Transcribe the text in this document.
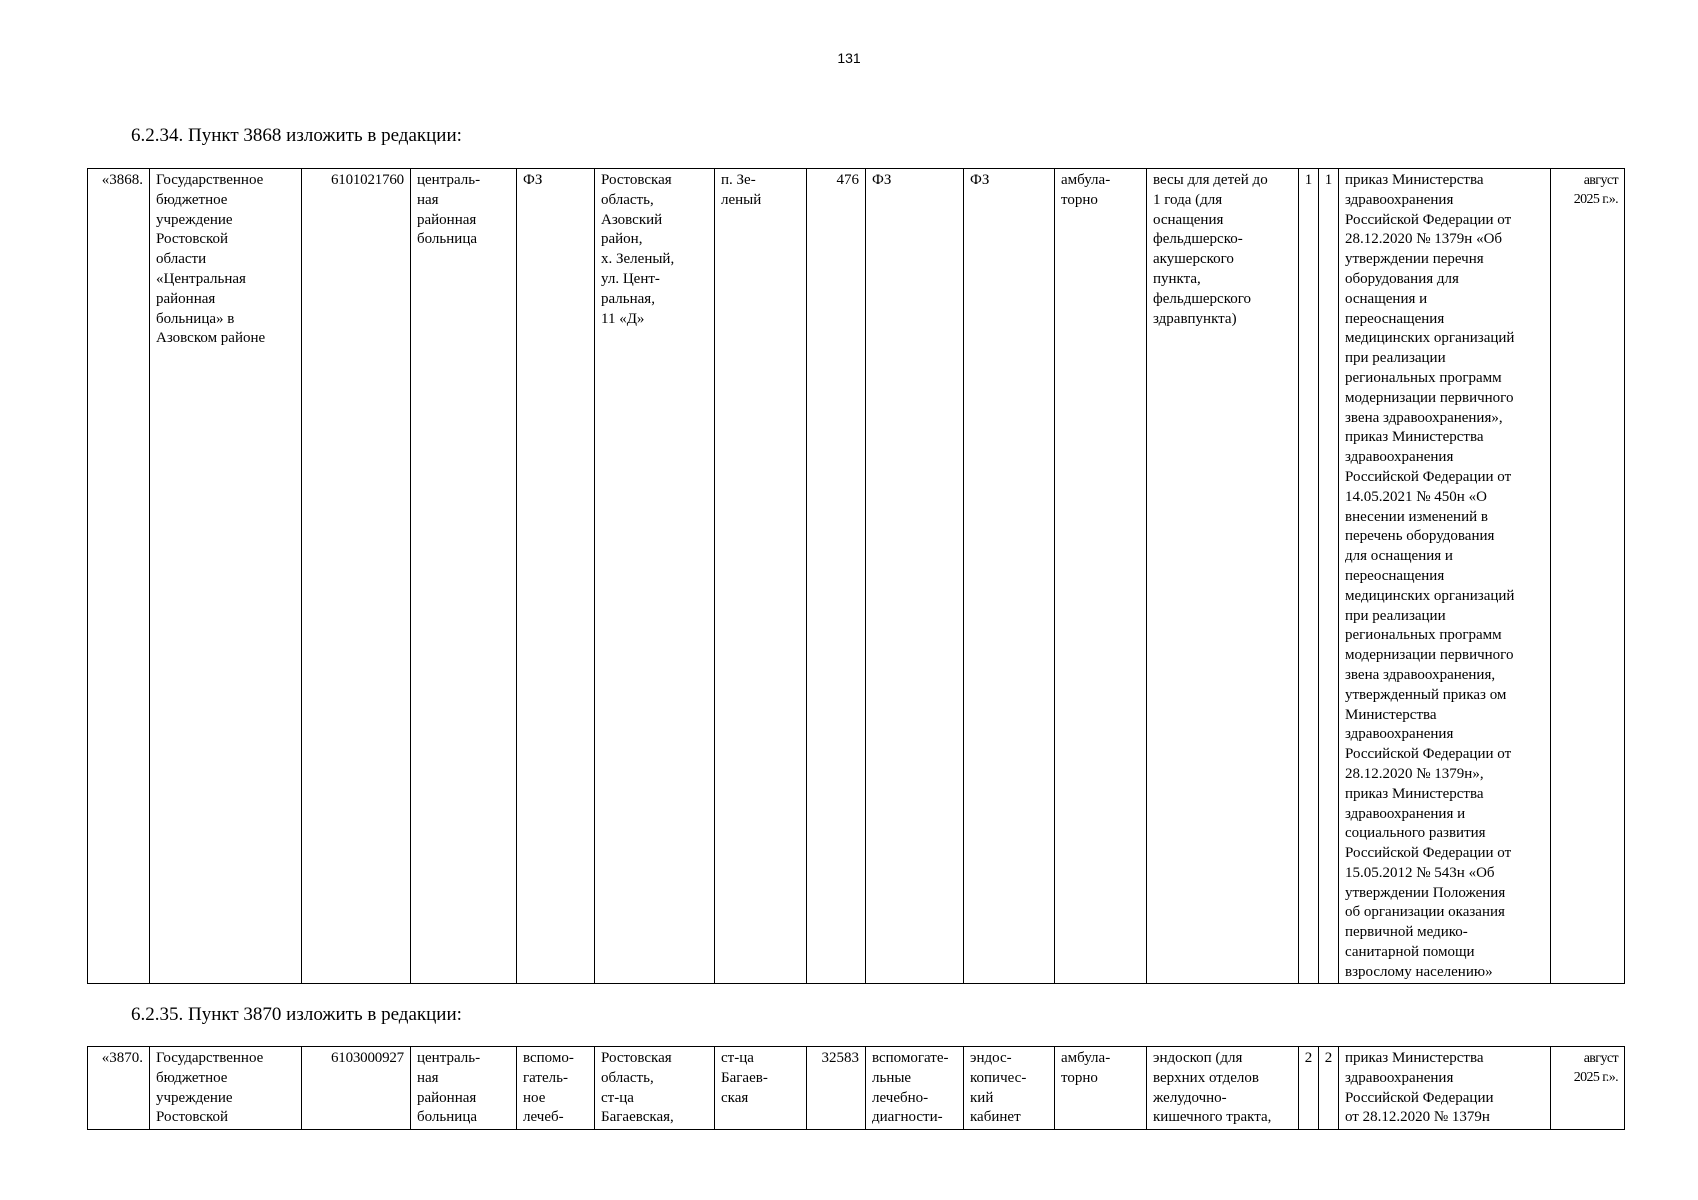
131
6.2.34. Пункт 3868 изложить в редакции:
«3868.	Государственное
бюджетное
учреждение
Ростовской
области
«Центральная
районная
больница» в
Азовском районе	6101021760	централь-
ная
районная
больница	ФЗ	Ростовская
область,
Азовский
район,
х. Зеленый,
ул. Цент-
ральная,
11 «Д»	п. Зе-
леный	476	ФЗ	ФЗ	амбула-
торно	весы для детей до
1 года (для
оснащения
фельдшерско-
акушерского
пункта,
фельдшерского
здравпункта)	1	1	приказ Министерства
здравоохранения
Российской Федерации от
28.12.2020 № 1379н «Об
утверждении перечня
оборудования для
оснащения и
переоснащения
медицинских организаций
при реализации
региональных программ
модернизации первичного
звена здравоохранения»,
приказ Министерства
здравоохранения
Российской Федерации от
14.05.2021 № 450н «О
внесении изменений в
перечень оборудования
для оснащения и
переоснащения
медицинских организаций
при реализации
региональных программ
модернизации первичного
звена здравоохранения,
утвержденный приказ ом
Министерства
здравоохранения
Российской Федерации от
28.12.2020 № 1379н»,
приказ Министерства
здравоохранения и
социального развития
Российской Федерации от
15.05.2012 № 543н «Об
утверждении Положения
об организации оказания
первичной медико-
санитарной помощи
взрослому населению»	август
2025 г.».
6.2.35. Пункт 3870 изложить в редакции:
«3870.	Государственное
бюджетное
учреждение
Ростовской	6103000927	централь-
ная
районная
больница	вспомо-
гатель-
ное
лечеб-	Ростовская
область,
ст-ца
Багаевская,	ст-ца
Багаев-
ская	32583	вспомогате-
льные
лечебно-
диагности-	эндос-
копичес-
кий
кабинет	амбула-
торно	эндоскоп (для
верхних отделов
желудочно-
кишечного тракта,	2	2	приказ Министерства
здравоохранения
Российской Федерации
от 28.12.2020 № 1379н	август
2025 г.».
